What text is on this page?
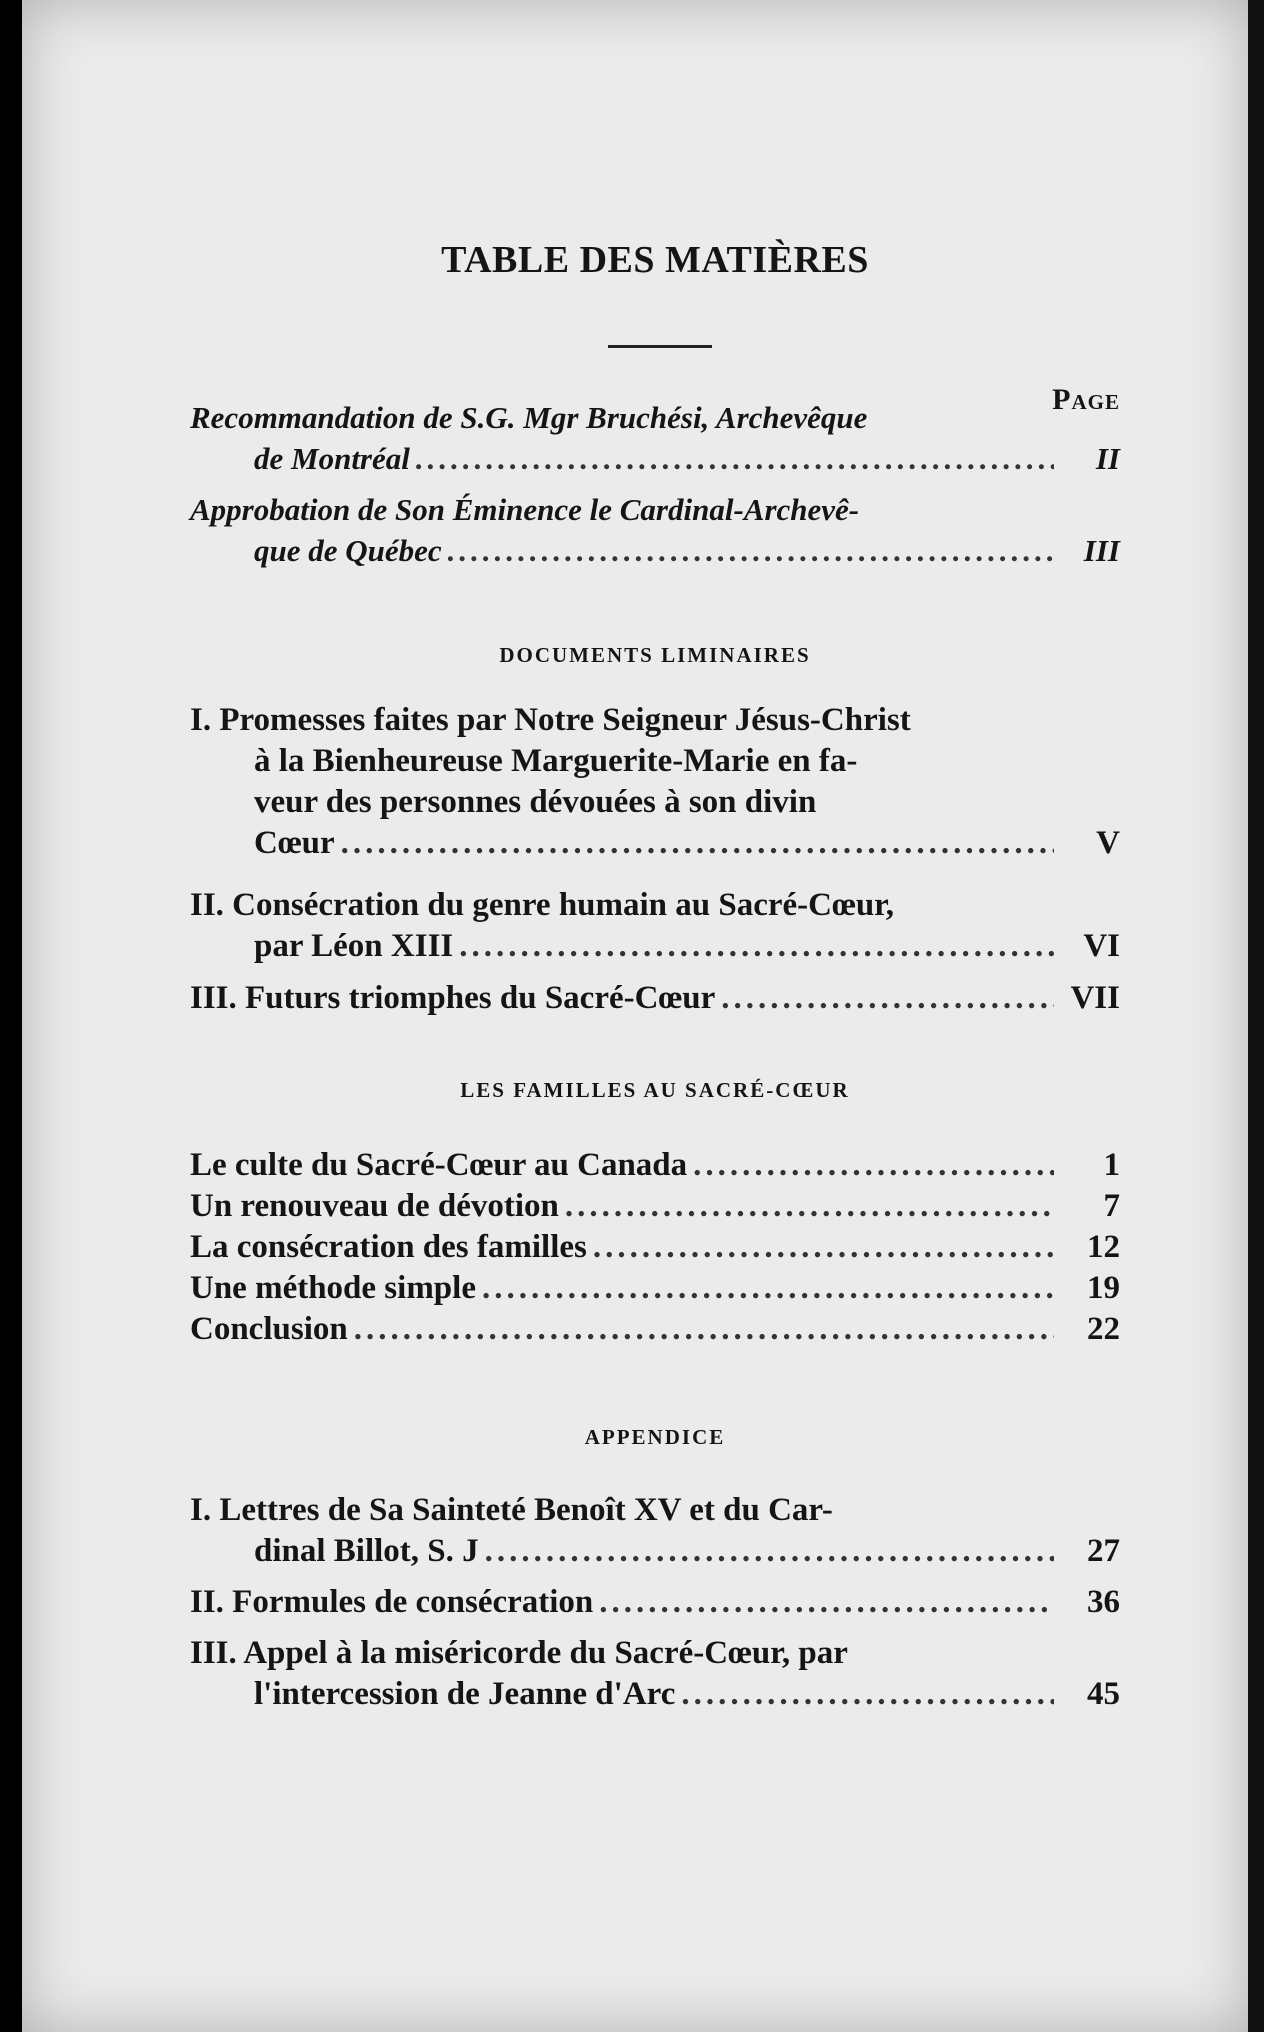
TABLE DES MATIÈRES
Page
Recommandation de S.G. Mgr Bruchési, Archevêque
de Montréal .....	II
Approbation de Son Éminence le Cardinal-Archevê-
que de Québec .....	III
DOCUMENTS LIMINAIRES
I. Promesses faites par Notre Seigneur Jésus-Christ
à la Bienheureuse Marguerite-Marie en fa-
veur des personnes dévouées à son divin
Cœur .....	V
II. Consécration du genre humain au Sacré-Cœur,
par Léon XIII .....	VI
III. Futurs triomphes du Sacré-Cœur .....	VII
LES FAMILLES AU SACRÉ-CŒUR
Le culte du Sacré-Cœur au Canada .....	1
Un renouveau de dévotion .....	7
La consécration des familles .....	12
Une méthode simple .....	19
Conclusion .....	22
APPENDICE
I. Lettres de Sa Sainteté Benoît XV et du Car-
dinal Billot, S. J .....	27
II. Formules de consécration .....	36
III. Appel à la miséricorde du Sacré-Cœur, par
l'intercession de Jeanne d'Arc .....	45
